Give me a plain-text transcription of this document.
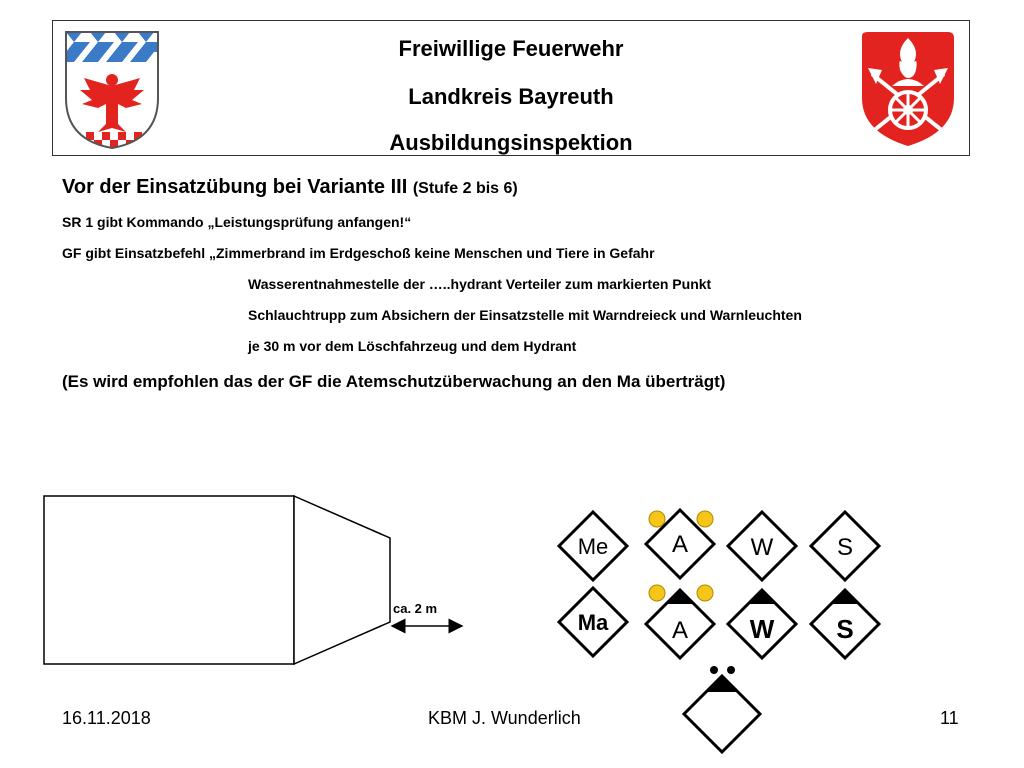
Freiwillige Feuerwehr
Landkreis Bayreuth
Ausbildungsinspektion
Vor der Einsatzübung bei Variante III (Stufe 2 bis 6)
SR 1 gibt Kommando „Leistungsprüfung anfangen!“
GF gibt Einsatzbefehl „Zimmerbrand im Erdgeschoß keine Menschen und Tiere in Gefahr
Wasserentnahmestelle der …..hydrant Verteiler zum markierten Punkt
Schlauchtrupp zum Absichern der Einsatzstelle mit Warndreieck und Warnleuchten
je 30 m vor dem Löschfahrzeug und dem Hydrant
(Es wird empfohlen das der GF die Atemschutzüberwachung an den Ma überträgt)
ca. 2 m
Me	A	W	S
Ma	A W S
16.11.2018	KBM J. Wunderlich	11
